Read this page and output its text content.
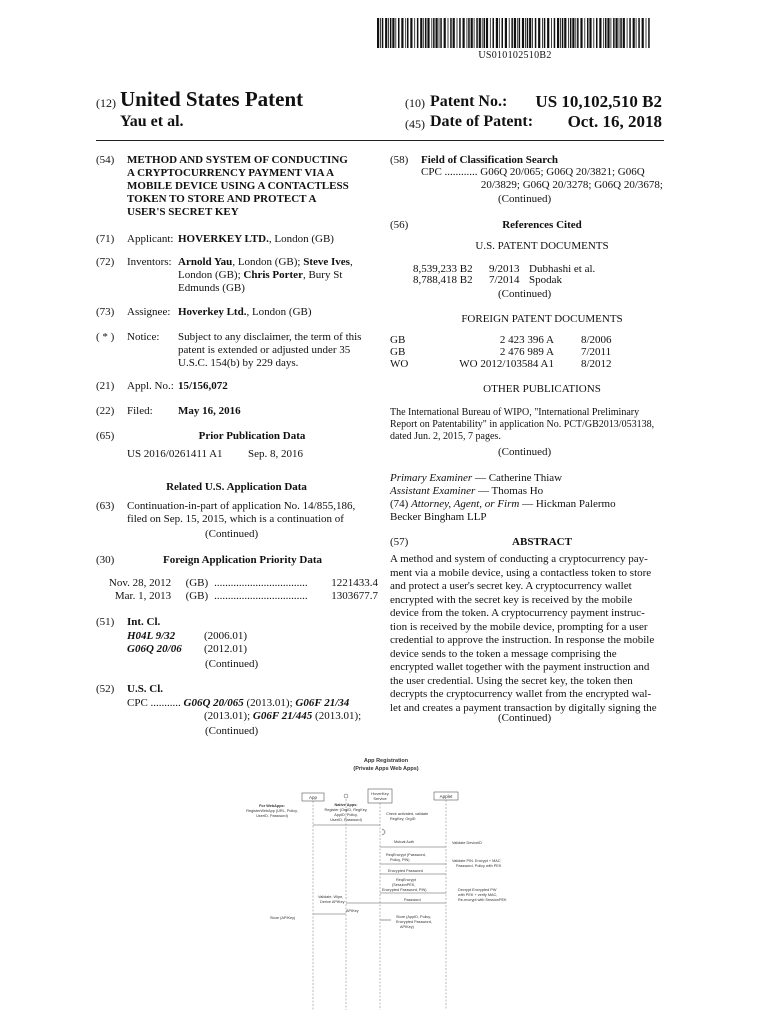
US010102510B2
(12) United States Patent
Yau et al.
(10) Patent No.:	US 10,102,510 B2
(45) Date of Patent:	Oct. 16, 2018
(54) METHOD AND SYSTEM OF CONDUCTING
A CRYPTOCURRENCY PAYMENT VIA A
MOBILE DEVICE USING A CONTACTLESS
TOKEN TO STORE AND PROTECT A
USER'S SECRET KEY
(71) Applicant: HOVERKEY LTD., London (GB)
(72) Inventors: Arnold Yau, London (GB); Steve Ives,
London (GB); Chris Porter, Bury St
Edmunds (GB)
(73) Assignee: Hoverkey Ltd., London (GB)
( * ) Notice: Subject to any disclaimer, the term of this
patent is extended or adjusted under 35
U.S.C. 154(b) by 229 days.
(21) Appl. No.: 15/156,072
(22) Filed: May 16, 2016
(65)	Prior Publication Data
US 2016/0261411 A1 Sep. 8, 2016
Related U.S. Application Data
(63) Continuation-in-part of application No. 14/855,186,
filed on Sep. 15, 2015, which is a continuation of
(Continued)
(30)	Foreign Application Priority Data
Nov. 28, 2012	(GB) ..................................	1221433.4
Mar. 1, 2013	(GB) ..................................	1303677.7
(51) Int. Cl.
H04L 9/32	(2006.01)
G06Q 20/06	(2012.01)
(Continued)
(52) U.S. Cl.
CPC ........... G06Q 20/065 (2013.01); G06F 21/34
(2013.01); G06F 21/445 (2013.01);
(Continued)
(58) Field of Classification Search
CPC ............ G06Q 20/065; G06Q 20/3821; G06Q
20/3829; G06Q 20/3278; G06Q 20/3678;
(Continued)
(56)	References Cited
U.S. PATENT DOCUMENTS
8,539,233 B2	9/2013 Dubhashi et al.
8,788,418 B2	7/2014 Spodak
(Continued)
FOREIGN PATENT DOCUMENTS
GB	2 423 396 A 8/2006
GB	2 476 989 A 7/2011
WO	WO 2012/103584 A1 8/2012
OTHER PUBLICATIONS
The International Bureau of WIPO, "International Preliminary
Report on Patentability" in application No. PCT/GB2013/053138,
dated Jun. 2, 2015, 7 pages.
(Continued)
Primary Examiner — Catherine Thiaw
Assistant Examiner — Thomas Ho
(74) Attorney, Agent, or Firm — Hickman Palermo
Becker Bingham LLP
(57)	ABSTRACT
A method and system of conducting a cryptocurrency pay-
ment via a mobile device, using a contactless token to store
and protect a user's secret key. A cryptocurrency wallet
encrypted with the secret key is received by the mobile
device from the token. A cryptocurrency payment instruc-
tion is received by the mobile device, prompting for a user
credential to approve the instruction. In response the mobile
device sends to the token a message comprising the
encrypted wallet together with the payment instruction and
the user credential. Using the secret key, the token then
decrypts the cryptocurrency wallet from the encrypted wal-
let and creates a payment transaction by digitally signing the
(Continued)
App Registration
(Private Apps Web Apps)
App
HoverKey
Service	Applet
For WebApps:
RegisterWebApp (URL, Policy,
UserID, Password)
Native Apps:
Register (OrgID, RegKey,
AppID, Policy,
UserID, Password)
Check activated, validate
RegKey, OrgID
Mutual Auth	Validate DeviceID
ReqEncrypt (Password,
Policy, PIN)	Validate PIN. Encrypt + MAC
Password, Policy with PEK
Encrypted Password
ReqEncrypt
(SessionPEK,
Encrypted Password, PIN)	Decrypt Encrypted PW
with PEK + verify MAC,
Re-encrypt with SessionPEK
Password
Validate, Wipe,
Derive APIKey
APIKey
Store (APIKey)	Store (AppID, Policy,
Encrypted Password,
APIKey)
